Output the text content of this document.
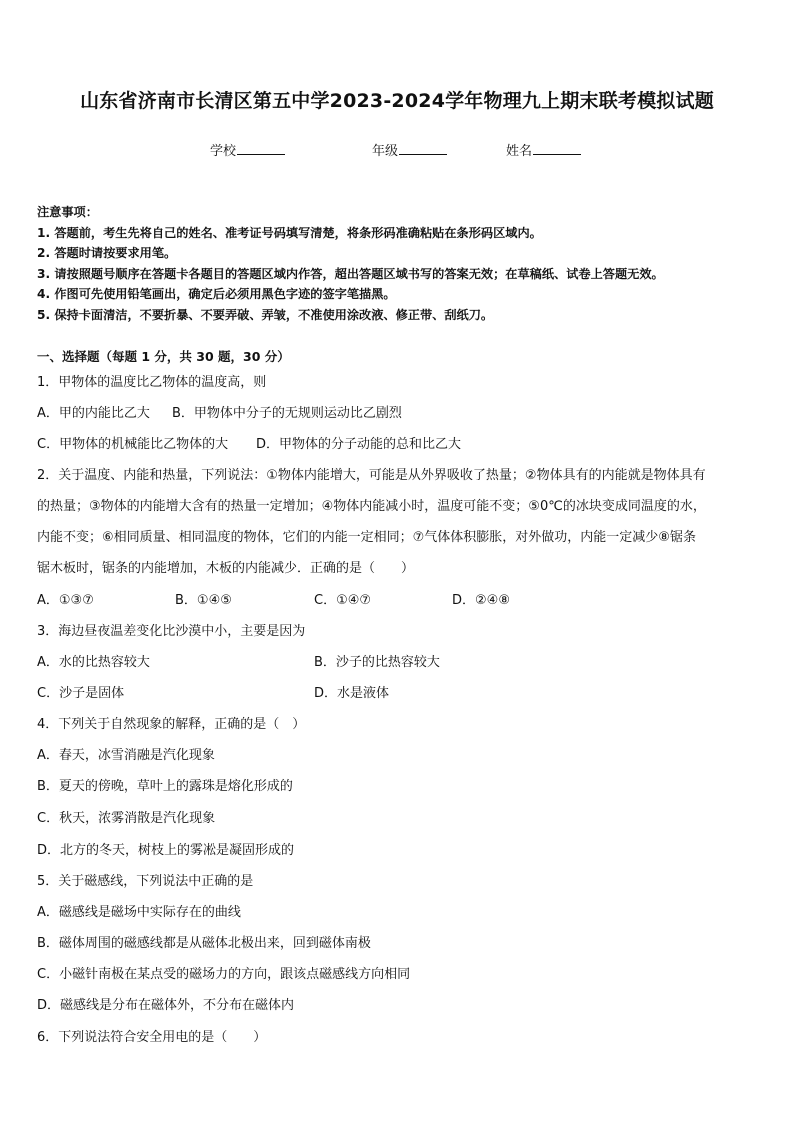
山东省济南市长清区第五中学2023-2024学年物理九上期末联考模拟试题
学校	年级	姓名
注意事项：
1. 答题前，考生先将自己的姓名、准考证号码填写清楚，将条形码准确粘贴在条形码区域内。
2. 答题时请按要求用笔。
3. 请按照题号顺序在答题卡各题目的答题区域内作答，超出答题区域书写的答案无效；在草稿纸、试卷上答题无效。
4. 作图可先使用铅笔画出，确定后必须用黑色字迹的签字笔描黑。
5. 保持卡面清洁，不要折暴、不要弄破、弄皱，不准使用涂改液、修正带、刮纸刀。
一、选择题（每题 1 分，共 30 题，30 分）
1．甲物体的温度比乙物体的温度高，则
A．甲的内能比乙大 B．甲物体中分子的无规则运动比乙剧烈
C．甲物体的机械能比乙物体的大 D．甲物体的分子动能的总和比乙大
2．关于温度、内能和热量，下列说法：①物体内能增大，可能是从外界吸收了热量；②物体具有的内能就是物体具有
的热量；③物体的内能增大含有的热量一定增加；④物体内能减小时，温度可能不变；⑤0℃的冰块变成同温度的水，
内能不变；⑥相同质量、相同温度的物体，它们的内能一定相同；⑦气体体积膨胀，对外做功，内能一定减少⑧锯条
锯木板时，锯条的内能增加，木板的内能减少．正确的是（　　）
A．①③⑦	B．①④⑤	C．①④⑦	D．②④⑧
3．海边昼夜温差变化比沙漠中小，主要是因为
A．水的比热容较大	B．沙子的比热容较大
C．沙子是固体	D．水是液体
4．下列关于自然现象的解释，正确的是（　）
A．春天，冰雪消融是汽化现象
B．夏天的傍晚，草叶上的露珠是熔化形成的
C．秋天，浓雾消散是汽化现象
D．北方的冬天，树枝上的雾凇是凝固形成的
5．关于磁感线，下列说法中正确的是
A．磁感线是磁场中实际存在的曲线
B．磁体周围的磁感线都是从磁体北极出来，回到磁体南极
C．小磁针南极在某点受的磁场力的方向，跟该点磁感线方向相同
D．磁感线是分布在磁体外，不分布在磁体内
6．下列说法符合安全用电的是（　　）
